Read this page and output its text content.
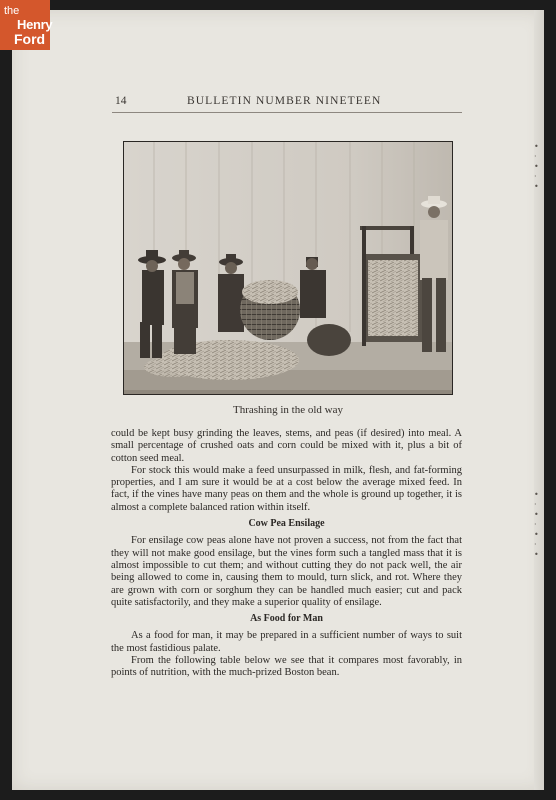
the
Henry
Ford
•
·
•
·
•
•
·
•
·
•
·
•
14	BULLETIN NUMBER NINETEEN
Thrashing in the old way

could be kept busy grinding the leaves, stems, and peas (if desired) into meal. A small percentage of crushed oats and corn could be mixed with it, plus a bit of cotton seed meal.

For stock this would make a feed unsurpassed in milk, flesh, and fat-forming properties, and I am sure it would be at a cost below the average mixed feed. In fact, if the vines have many peas on them and the whole is ground up together, it is almost a complete balanced ration within itself.

Cow Pea Ensilage

For ensilage cow peas alone have not proven a success, not from the fact that they will not make good ensilage, but the vines form such a tangled mass that it is almost impossible to cut them; and without cutting they do not pack well, the air being allowed to come in, causing them to mould, turn slick, and rot. Where they are grown with corn or sorghum they can be handled much easier; cut and pack quite satisfactorily, and they make a superior quality of ensilage.

As Food for Man

As a food for man, it may be prepared in a sufficient number of ways to suit the most fastidious palate.

From the following table below we see that it compares most favorably, in points of nutrition, with the much-prized Boston bean.
